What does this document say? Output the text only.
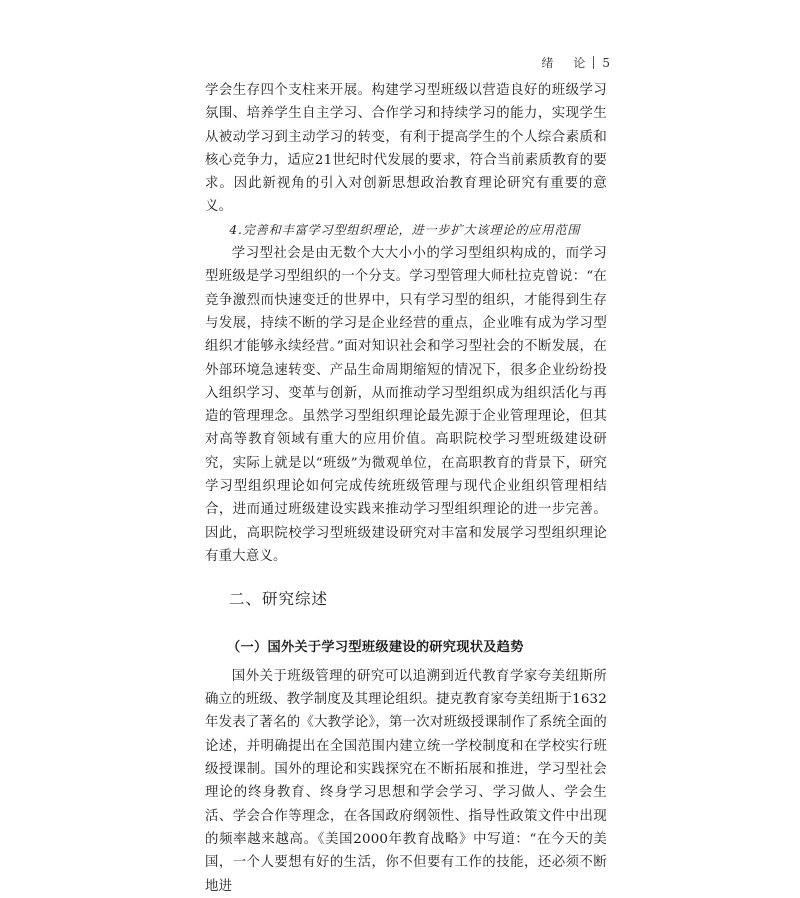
绪　论 5

学会生存四个支柱来开展。构建学习型班级以营造良好的班级学习氛围、培养学生自主学习、合作学习和持续学习的能力，实现学生从被动学习到主动学习的转变，有利于提高学生的个人综合素质和核心竞争力，适应21世纪时代发展的要求，符合当前素质教育的要求。因此新视角的引入对创新思想政治教育理论研究有重要的意义。

4.完善和丰富学习型组织理论，进一步扩大该理论的应用范围

学习型社会是由无数个大大小小的学习型组织构成的，而学习型班级是学习型组织的一个分支。学习型管理大师杜拉克曾说：“在竞争激烈而快速变迁的世界中，只有学习型的组织，才能得到生存与发展，持续不断的学习是企业经营的重点，企业唯有成为学习型组织才能够永续经营。”面对知识社会和学习型社会的不断发展，在外部环境急速转变、产品生命周期缩短的情况下，很多企业纷纷投入组织学习、变革与创新，从而推动学习型组织成为组织活化与再造的管理理念。虽然学习型组织理论最先源于企业管理理论，但其对高等教育领域有重大的应用价值。高职院校学习型班级建设研究，实际上就是以“班级”为微观单位，在高职教育的背景下，研究学习型组织理论如何完成传统班级管理与现代企业组织管理相结合，进而通过班级建设实践来推动学习型组织理论的进一步完善。因此，高职院校学习型班级建设研究对丰富和发展学习型组织理论有重大意义。

二、研究综述
（一）国外关于学习型班级建设的研究现状及趋势

国外关于班级管理的研究可以追溯到近代教育学家夸美纽斯所确立的班级、教学制度及其理论组织。捷克教育家夸美纽斯于1632年发表了著名的《大教学论》，第一次对班级授课制作了系统全面的论述，并明确提出在全国范围内建立统一学校制度和在学校实行班级授课制。国外的理论和实践探究在不断拓展和推进，学习型社会理论的终身教育、终身学习思想和学会学习、学习做人、学会生活、学会合作等理念，在各国政府纲领性、指导性政策文件中出现的频率越来越高。《美国2000年教育战略》中写道：“在今天的美国，一个人要想有好的生活，你不但要有工作的技能，还必须不断地进
